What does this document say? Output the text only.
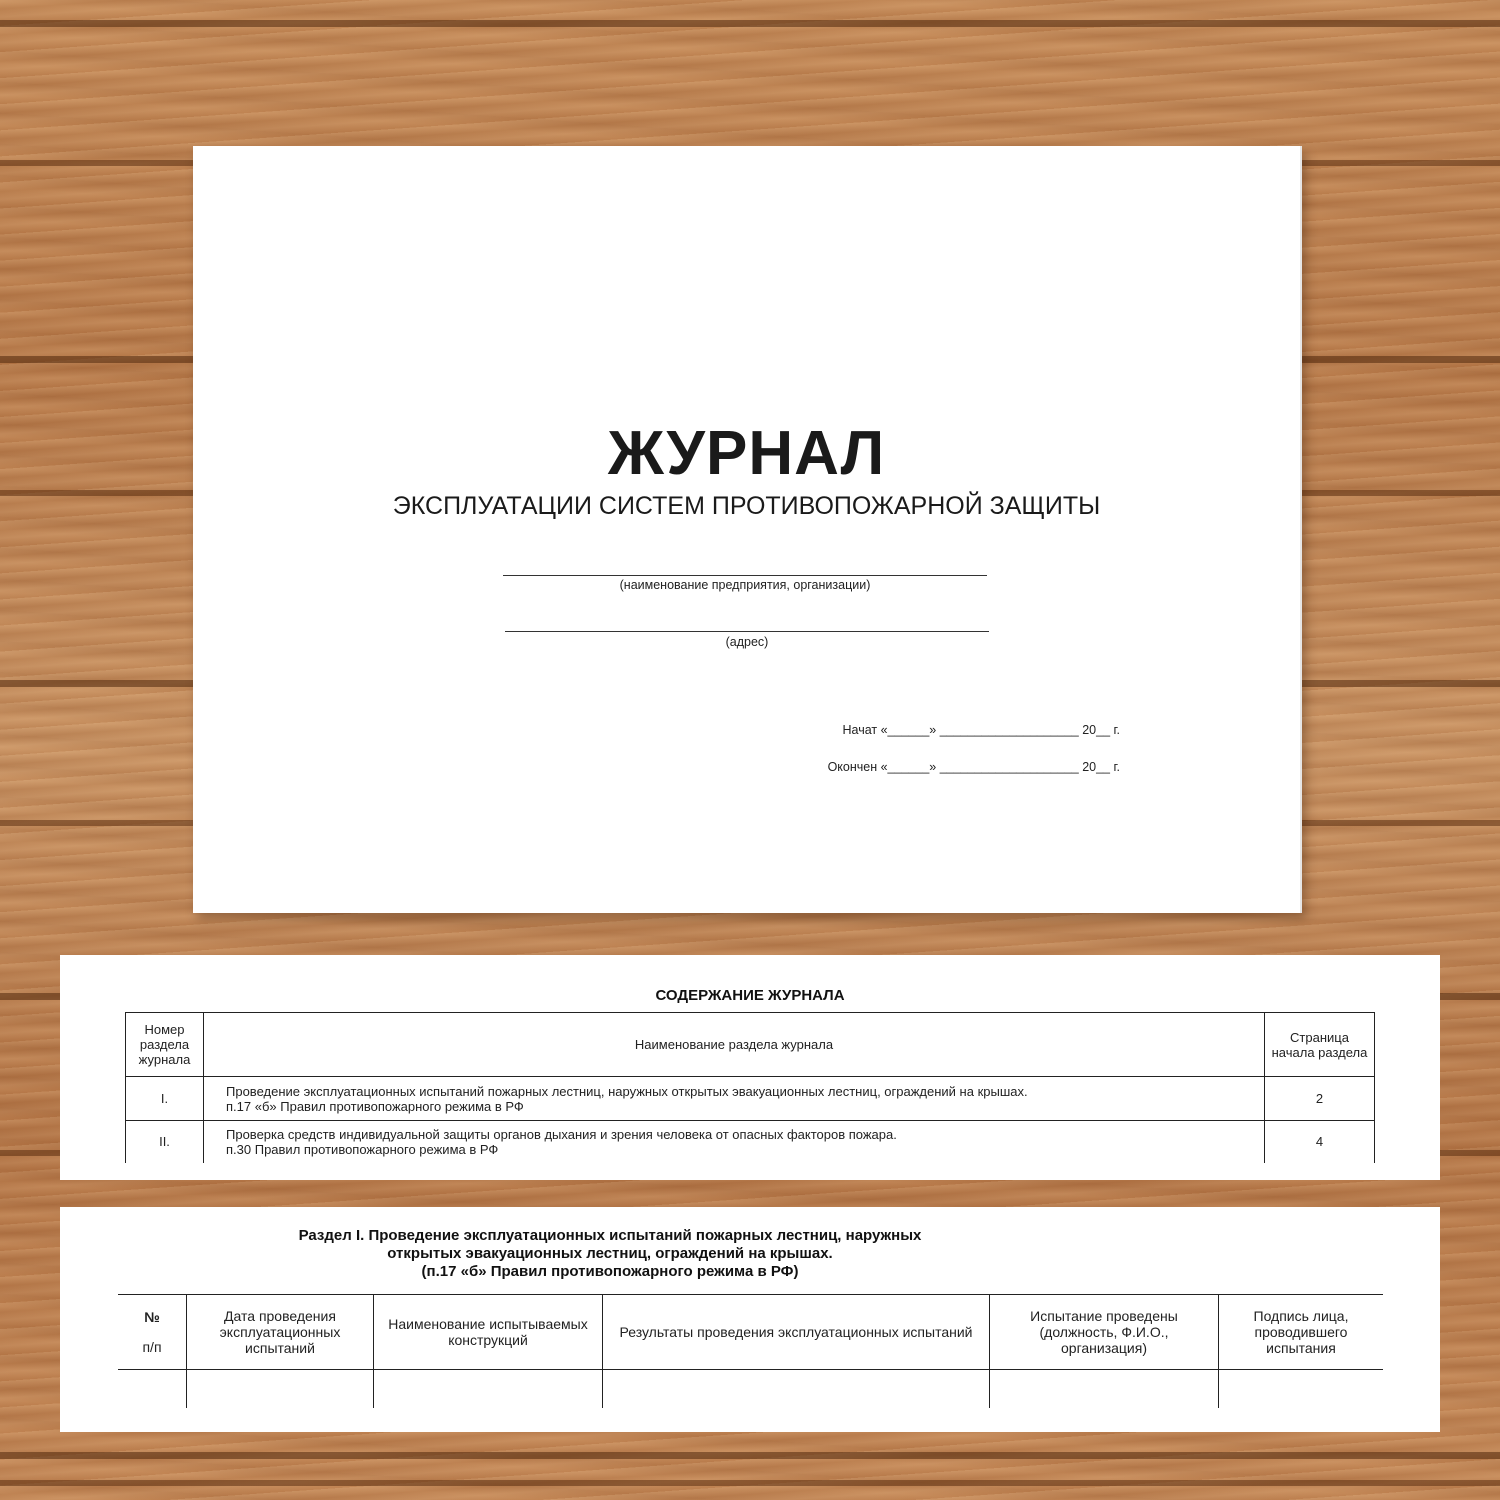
ЖУРНАЛ
ЭКСПЛУАТАЦИИ СИСТЕМ ПРОТИВОПОЖАРНОЙ ЗАЩИТЫ
(наименование предприятия, организации)
(адрес)
Начат «______» ____________________ 20__ г.
Окончен «______» ____________________ 20__ г.
СОДЕРЖАНИЕ ЖУРНАЛА
Номер раздела журнала	Наименование раздела журнала	Страница начала раздела
I.	Проведение эксплуатационных испытаний пожарных лестниц, наружных открытых эвакуационных лестниц, ограждений на крышах.
п.17 «б» Правил противопожарного режима в РФ	2
II.	Проверка средств индивидуальной защиты органов дыхания и зрения человека от опасных факторов пожара.
п.30 Правил противопожарного режима в РФ	4
Раздел I. Проведение эксплуатационных испытаний пожарных лестниц, наружных
открытых эвакуационных лестниц, ограждений на крышах.
(п.17 «б» Правил противопожарного режима в РФ)
№
п/п	Дата проведения эксплуатационных испытаний	Наименование испытываемых конструкций	Результаты проведения эксплуатационных испытаний	Испытание проведены (должность, Ф.И.О., организация)	Подпись лица, проводившего испытания
